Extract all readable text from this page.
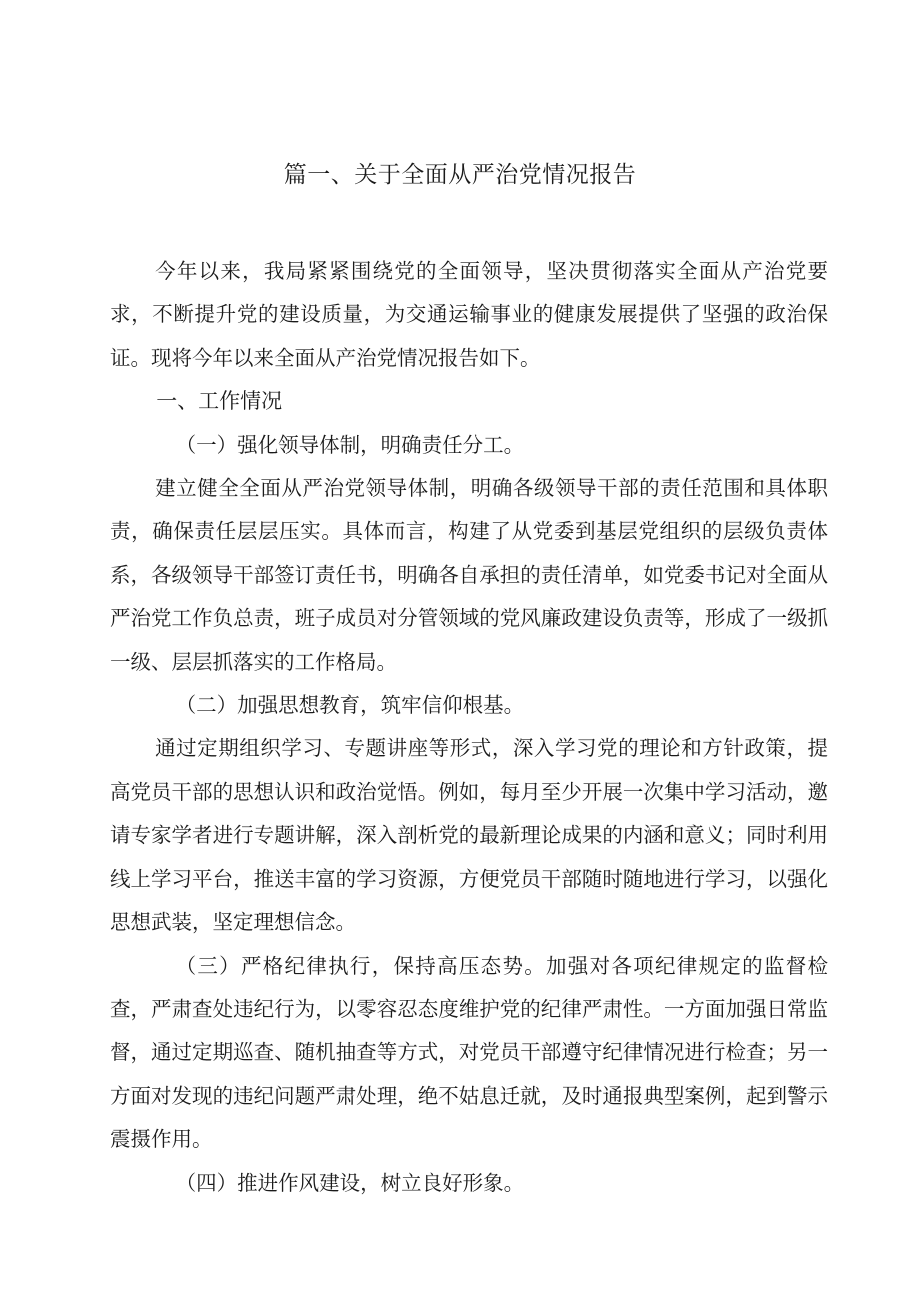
篇一、关于全面从严治党情况报告

今年以来，我局紧紧围绕党的全面领导，坚决贯彻落实全面从产治党要求，不断提升党的建设质量，为交通运输事业的健康发展提供了坚强的政治保证。现将今年以来全面从产治党情况报告如下。

一、工作情况

（一）强化领导体制，明确责任分工。

建立健全全面从严治党领导体制，明确各级领导干部的责任范围和具体职责，确保责任层层压实。具体而言，构建了从党委到基层党组织的层级负责体系，各级领导干部签订责任书，明确各自承担的责任清单，如党委书记对全面从严治党工作负总责，班子成员对分管领域的党风廉政建设负责等，形成了一级抓一级、层层抓落实的工作格局。

（二）加强思想教育，筑牢信仰根基。

通过定期组织学习、专题讲座等形式，深入学习党的理论和方针政策，提高党员干部的思想认识和政治觉悟。例如，每月至少开展一次集中学习活动，邀请专家学者进行专题讲解，深入剖析党的最新理论成果的内涵和意义；同时利用线上学习平台，推送丰富的学习资源，方便党员干部随时随地进行学习，以强化思想武装，坚定理想信念。

（三）严格纪律执行，保持高压态势。加强对各项纪律规定的监督检查，严肃查处违纪行为，以零容忍态度维护党的纪律严肃性。一方面加强日常监督，通过定期巡查、随机抽查等方式，对党员干部遵守纪律情况进行检查；另一方面对发现的违纪问题严肃处理，绝不姑息迁就，及时通报典型案例，起到警示震摄作用。

（四）推进作风建设，树立良好形象。
